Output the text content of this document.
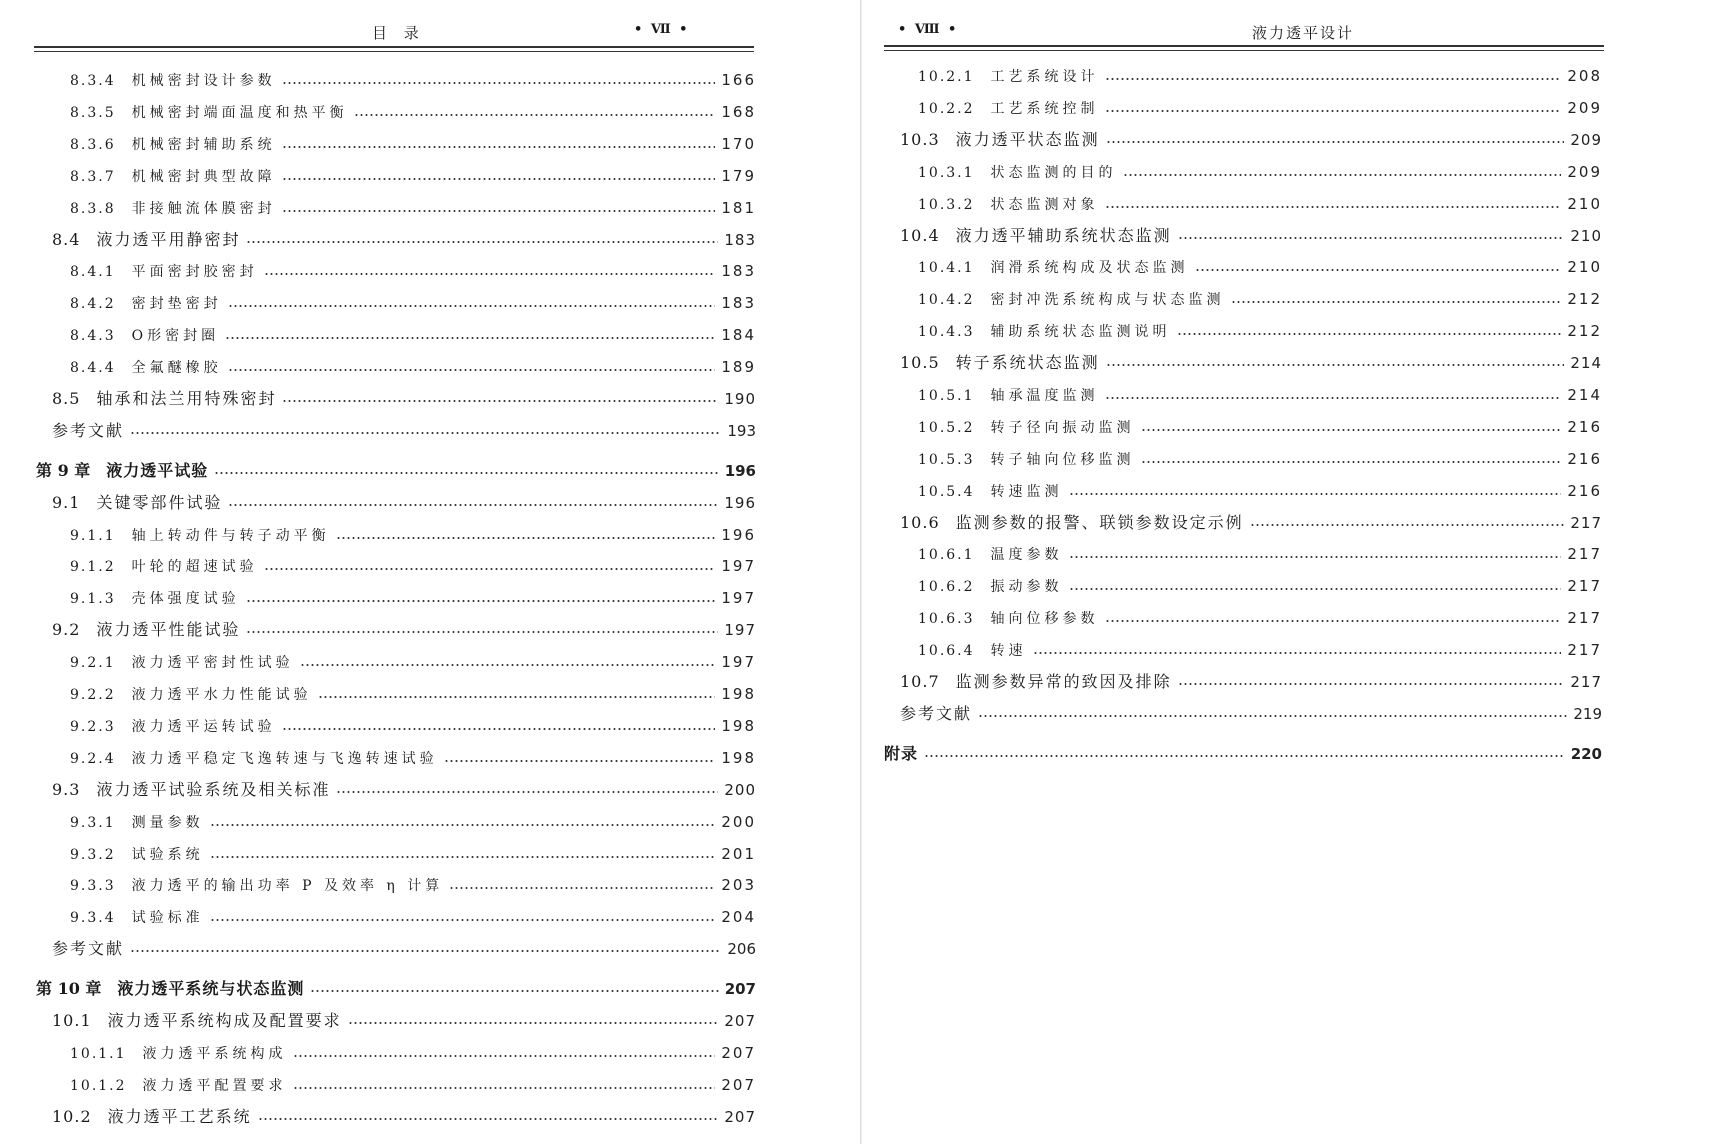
目 录	• Ⅶ •
8.3.4 机械密封设计参数	166
8.3.5 机械密封端面温度和热平衡	168
8.3.6 机械密封辅助系统	170
8.3.7 机械密封典型故障	179
8.3.8 非接触流体膜密封	181
8.4 液力透平用静密封	183
8.4.1 平面密封胶密封	183
8.4.2 密封垫密封	183
8.4.3 O形密封圈	184
8.4.4 全氟醚橡胶	189
8.5 轴承和法兰用特殊密封	190
参考文献	193
第 9 章 液力透平试验	196
9.1 关键零部件试验	196
9.1.1 轴上转动件与转子动平衡	196
9.1.2 叶轮的超速试验	197
9.1.3 壳体强度试验	197
9.2 液力透平性能试验	197
9.2.1 液力透平密封性试验	197
9.2.2 液力透平水力性能试验	198
9.2.3 液力透平运转试验	198
9.2.4 液力透平稳定飞逸转速与飞逸转速试验	198
9.3 液力透平试验系统及相关标准	200
9.3.1 测量参数	200
9.3.2 试验系统	201
9.3.3 液力透平的输出功率 P 及效率 η 计算	203
9.3.4 试验标准	204
参考文献	206
第 10 章 液力透平系统与状态监测	207
10.1 液力透平系统构成及配置要求	207
10.1.1 液力透平系统构成	207
10.1.2 液力透平配置要求	207
10.2 液力透平工艺系统	207
• Ⅷ •	液力透平设计
10.2.1 工艺系统设计	208
10.2.2 工艺系统控制	209
10.3 液力透平状态监测	209
10.3.1 状态监测的目的	209
10.3.2 状态监测对象	210
10.4 液力透平辅助系统状态监测	210
10.4.1 润滑系统构成及状态监测	210
10.4.2 密封冲洗系统构成与状态监测	212
10.4.3 辅助系统状态监测说明	212
10.5 转子系统状态监测	214
10.5.1 轴承温度监测	214
10.5.2 转子径向振动监测	216
10.5.3 转子轴向位移监测	216
10.5.4 转速监测	216
10.6 监测参数的报警、联锁参数设定示例	217
10.6.1 温度参数	217
10.6.2 振动参数	217
10.6.3 轴向位移参数	217
10.6.4 转速	217
10.7 监测参数异常的致因及排除	217
参考文献	219
附录	220
